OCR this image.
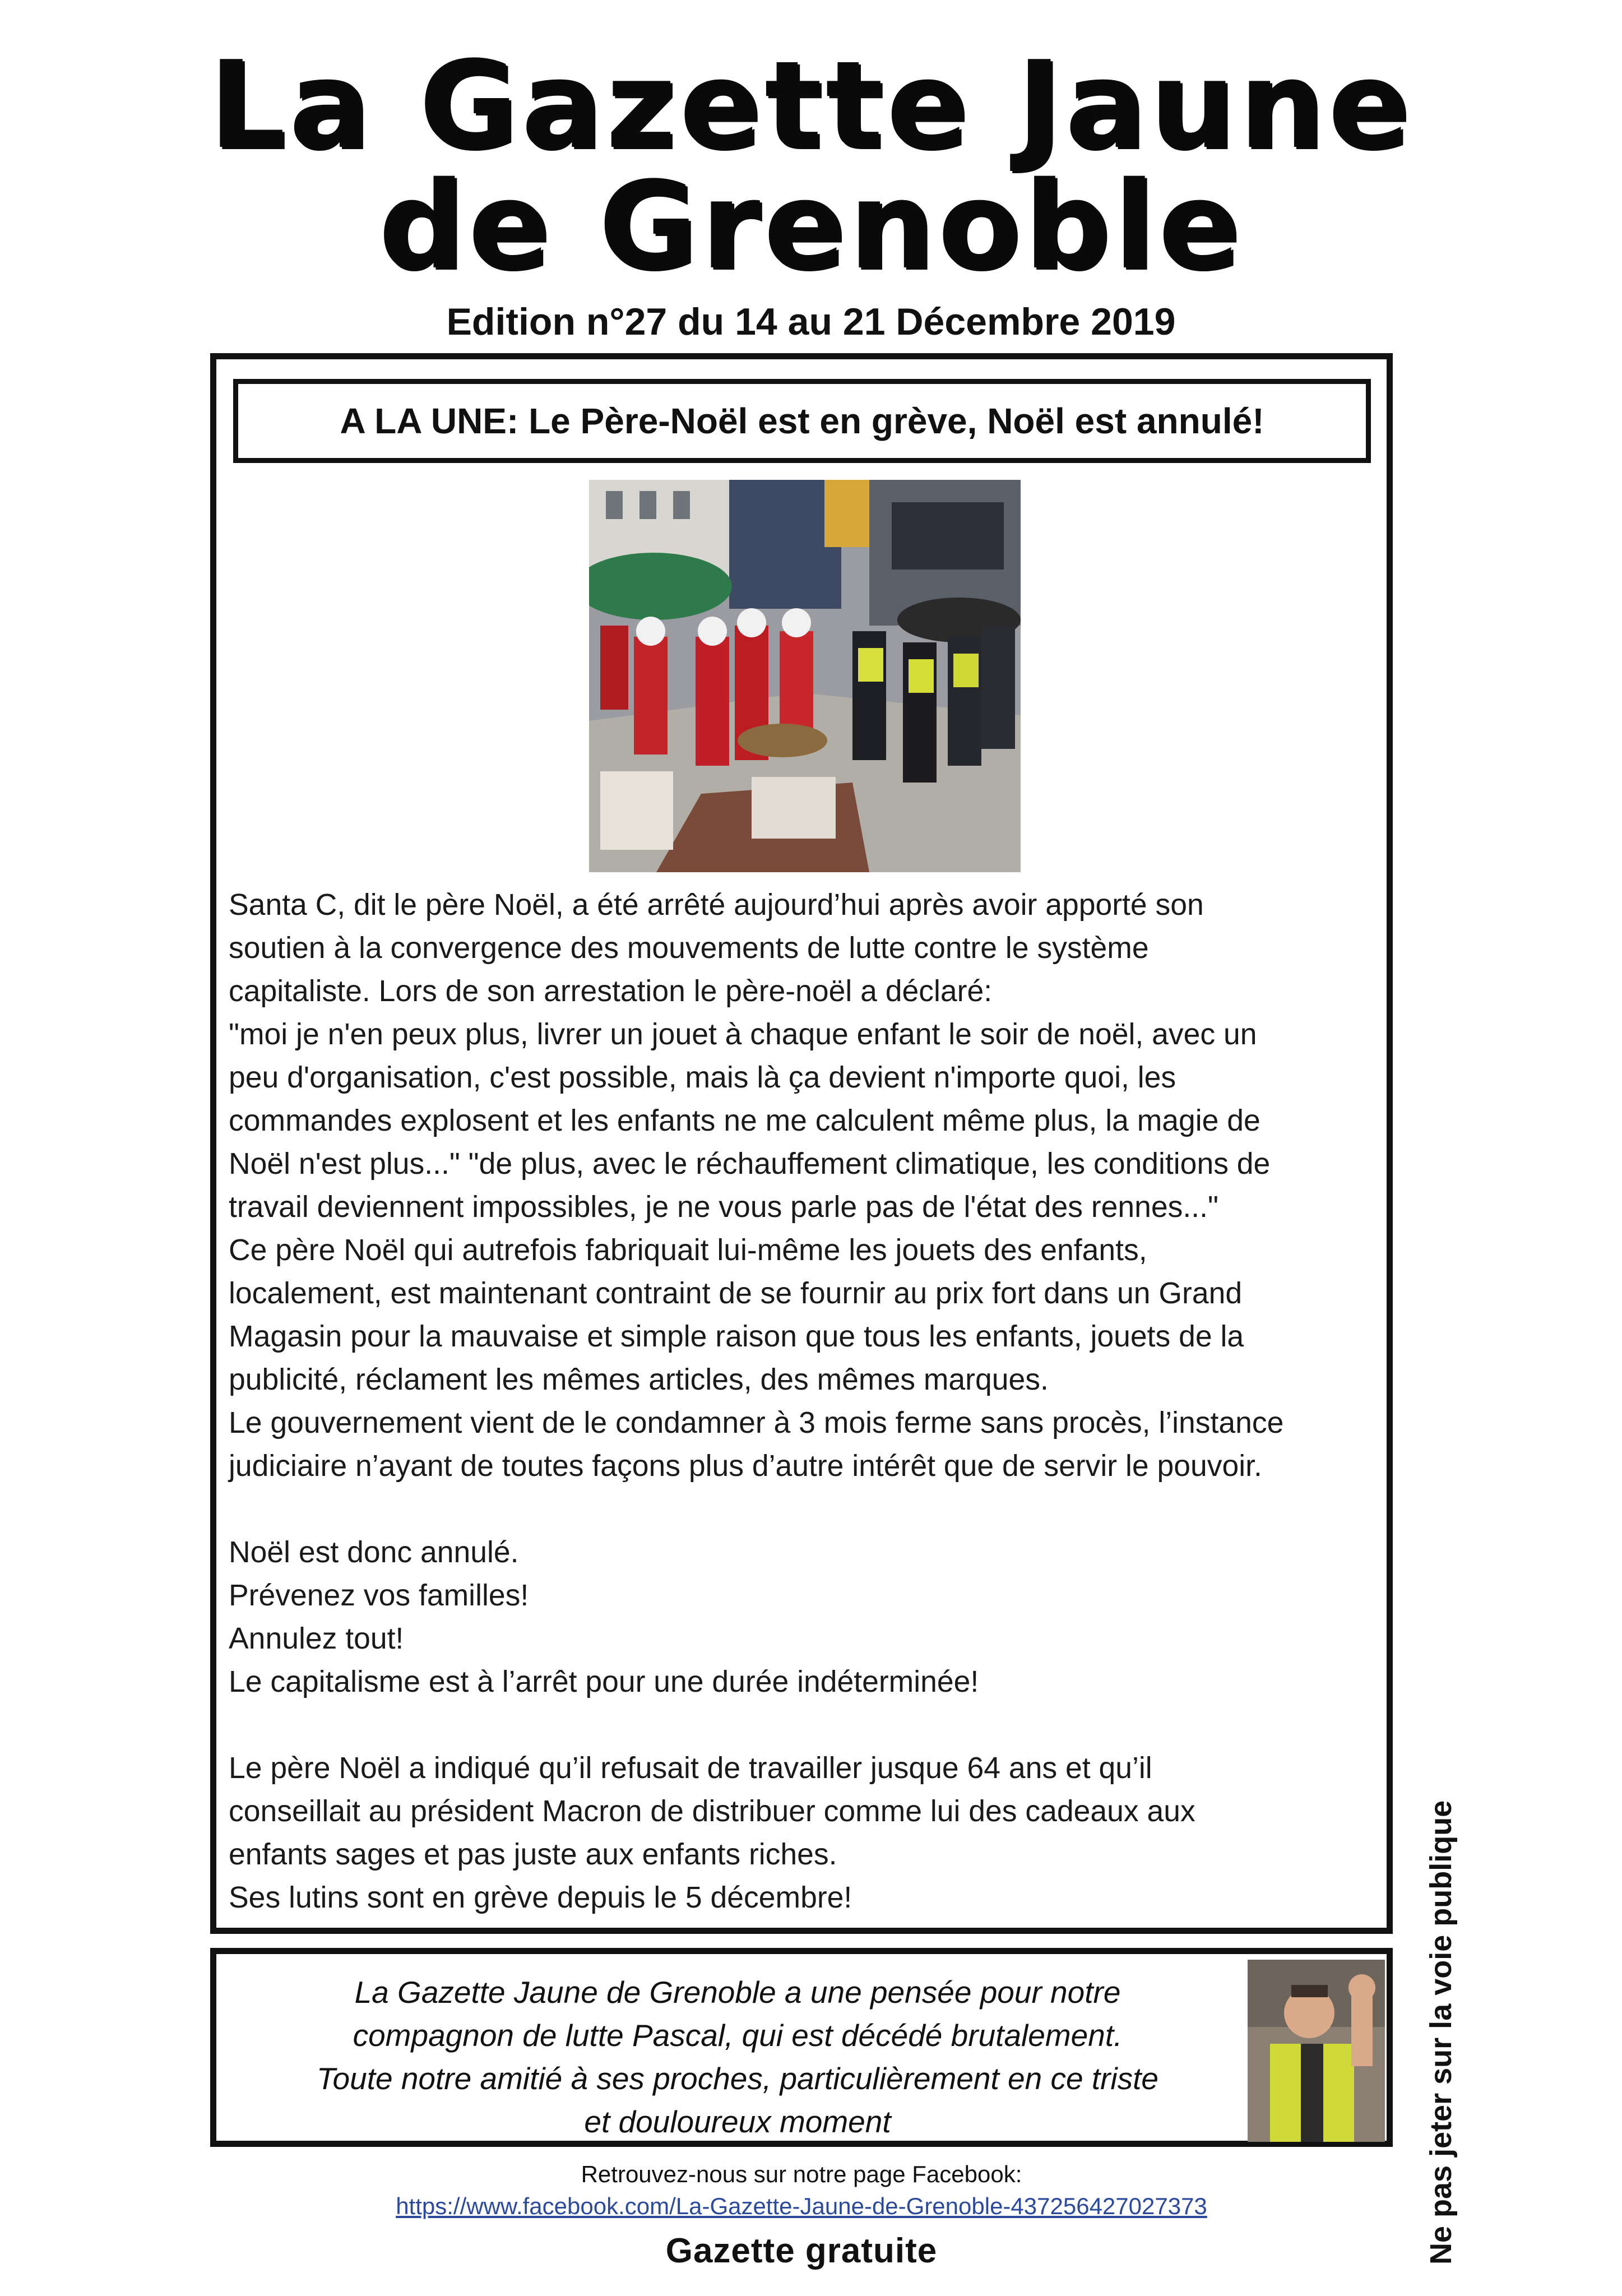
La Gazette Jaune
de Grenoble
Edition n°27 du 14 au 21 Décembre 2019
A LA UNE: Le Père-Noël est en grève, Noël est annulé!

Santa C, dit le père Noël, a été arrêté aujourd’hui après avoir apporté son

soutien à la convergence des mouvements de lutte contre le système

capitaliste. Lors de son arrestation le père-noël a déclaré:

"moi je n'en peux plus, livrer un jouet à chaque enfant le soir de noël, avec un

peu d'organisation, c'est possible, mais là ça devient n'importe quoi, les

commandes explosent et les enfants ne me calculent même plus, la magie de

Noël n'est plus..." "de plus, avec le réchauffement climatique, les conditions de

travail deviennent impossibles, je ne vous parle pas de l'état des rennes..."

Ce père Noël qui autrefois fabriquait lui-même les jouets des enfants,

localement, est maintenant contraint de se fournir au prix fort dans un Grand

Magasin pour la mauvaise et simple raison que tous les enfants, jouets de la

publicité, réclament les mêmes articles, des mêmes marques.

Le gouvernement vient de le condamner à 3 mois ferme sans procès, l’instance

judiciaire n’ayant de toutes façons plus d’autre intérêt que de servir le pouvoir.

Noël est donc annulé.

Prévenez vos familles!

Annulez tout!

Le capitalisme est à l’arrêt pour une durée indéterminée!

Le père Noël a indiqué qu’il refusait de travailler jusque 64 ans et qu’il

conseillait au président Macron de distribuer comme lui des cadeaux aux

enfants sages et pas juste aux enfants riches.

Ses lutins sont en grève depuis le 5 décembre!

La Gazette Jaune de Grenoble a une pensée pour notre

compagnon de lutte Pascal, qui est décédé brutalement.

Toute notre amitié à ses proches, particulièrement en ce triste

et douloureux moment

Retrouvez-nous sur notre page Facebook:
https://www.facebook.com/La-Gazette-Jaune-de-Grenoble-437256427027373
Gazette gratuite	Ne pas jeter sur la voie publique
